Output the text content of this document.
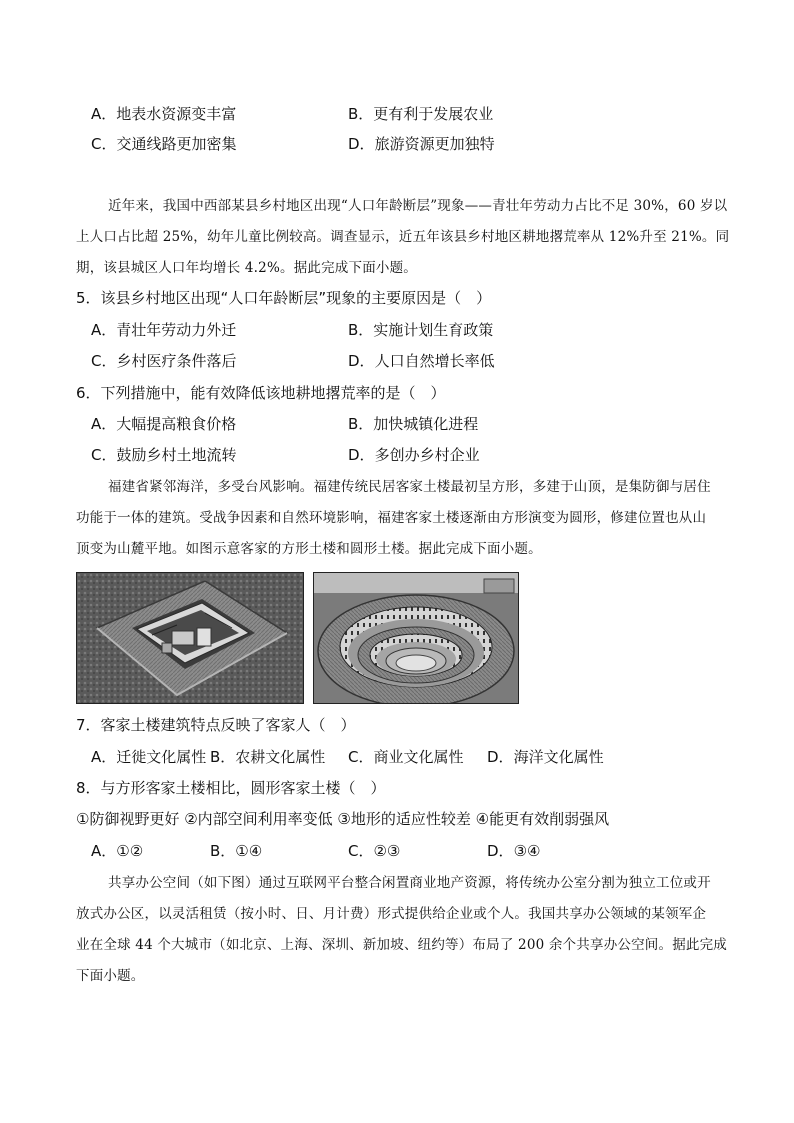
A．地表水资源变丰富	B．更有利于发展农业
C．交通线路更加密集	D．旅游资源更加独特
近年来，我国中西部某县乡村地区出现“人口年龄断层”现象——青壮年劳动力占比不足 30%，60 岁以
上人口占比超 25%，幼年儿童比例较高。调查显示，近五年该县乡村地区耕地撂荒率从 12%升至 21%。同
期，该县城区人口年均增长 4.2%。据此完成下面小题。
5．该县乡村地区出现“人口年龄断层”现象的主要原因是（　）
A．青壮年劳动力外迁	B．实施计划生育政策
C．乡村医疗条件落后	D．人口自然增长率低
6．下列措施中，能有效降低该地耕地撂荒率的是（　）
A．大幅提高粮食价格	B．加快城镇化进程
C．鼓励乡村土地流转	D．多创办乡村企业
福建省紧邻海洋，多受台风影响。福建传统民居客家土楼最初呈方形，多建于山顶，是集防御与居住
功能于一体的建筑。受战争因素和自然环境影响，福建客家土楼逐渐由方形演变为圆形，修建位置也从山
顶变为山麓平地。如图示意客家的方形土楼和圆形土楼。据此完成下面小题。
7．客家土楼建筑特点反映了客家人（　）
A．迁徙文化属性 B．农耕文化属性 C．商业文化属性 D．海洋文化属性
8．与方形客家土楼相比，圆形客家土楼（　）
①防御视野更好 ②内部空间利用率变低 ③地形的适应性较差 ④能更有效削弱强风
A．①②	B．①④	C．②③	D．③④
共享办公空间（如下图）通过互联网平台整合闲置商业地产资源，将传统办公室分割为独立工位或开
放式办公区，以灵活租赁（按小时、日、月计费）形式提供给企业或个人。我国共享办公领域的某领军企
业在全球 44 个大城市（如北京、上海、深圳、新加坡、纽约等）布局了 200 余个共享办公空间。据此完成
下面小题。
